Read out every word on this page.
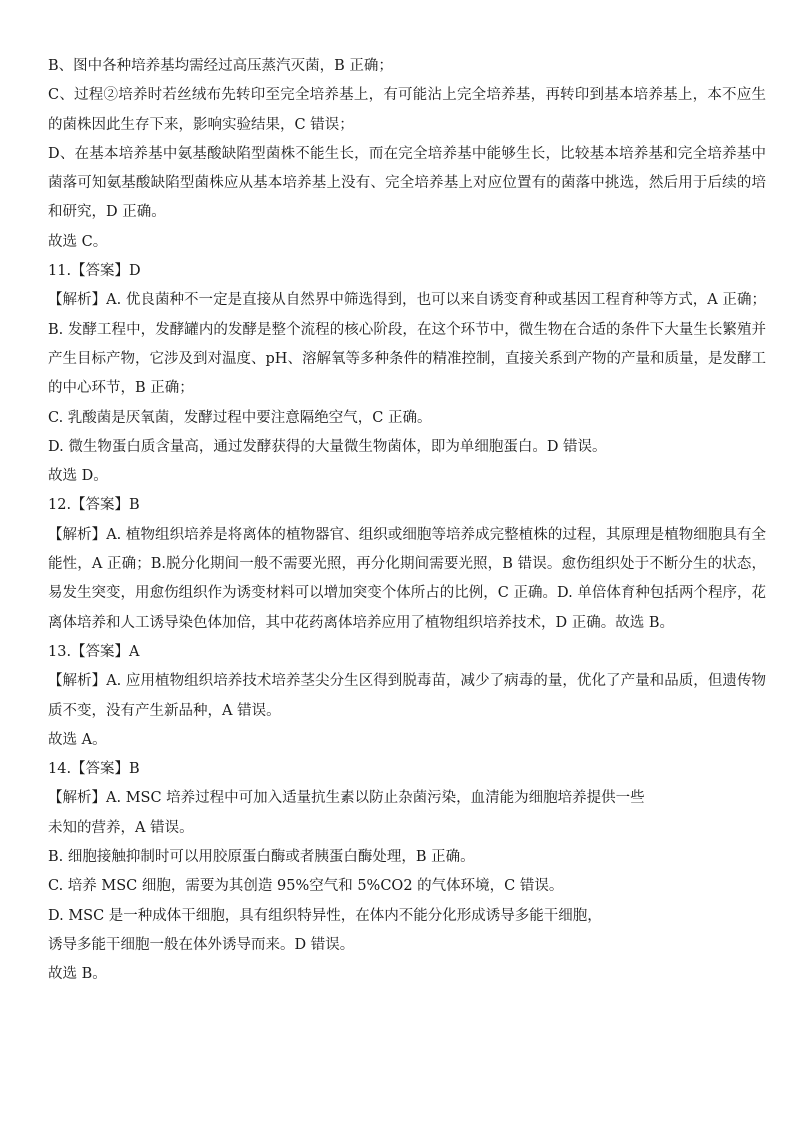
B、图中各种培养基均需经过高压蒸汽灭菌，B 正确；
C、过程②培养时若丝绒布先转印至完全培养基上，有可能沾上完全培养基，再转印到基本培养基上，本不应生
的菌株因此生存下来，影响实验结果，C 错误；
D、在基本培养基中氨基酸缺陷型菌株不能生长，而在完全培养基中能够生长，比较基本培养基和完全培养基中
菌落可知氨基酸缺陷型菌株应从基本培养基上没有、完全培养基上对应位置有的菌落中挑选，然后用于后续的培
和研究，D 正确。
故选 C。
11.【答案】D
【解析】A. 优良菌种不一定是直接从自然界中筛选得到，也可以来自诱变育种或基因工程育种等方式，A 正确；
B. 发酵工程中，发酵罐内的发酵是整个流程的核心阶段，在这个环节中，微生物在合适的条件下大量生长繁殖并
产生目标产物，它涉及到对温度、pH、溶解氧等多种条件的精准控制，直接关系到产物的产量和质量，是发酵工
的中心环节，B 正确；
C. 乳酸菌是厌氧菌，发酵过程中要注意隔绝空气，C 正确。
D. 微生物蛋白质含量高，通过发酵获得的大量微生物菌体，即为单细胞蛋白。D 错误。
故选 D。
12.【答案】B
【解析】A. 植物组织培养是将离体的植物器官、组织或细胞等培养成完整植株的过程，其原理是植物细胞具有全
能性，A 正确；B.脱分化期间一般不需要光照，再分化期间需要光照，B 错误。愈伤组织处于不断分生的状态，
易发生突变，用愈伤组织作为诱变材料可以增加突变个体所占的比例，C 正确。D. 单倍体育种包括两个程序，花
离体培养和人工诱导染色体加倍，其中花药离体培养应用了植物组织培养技术，D 正确。故选 B。
13.【答案】A
【解析】A. 应用植物组织培养技术培养茎尖分生区得到脱毒苗，减少了病毒的量，优化了产量和品质，但遗传物
质不变，没有产生新品种，A 错误。
故选 A。
14.【答案】B
【解析】A. MSC 培养过程中可加入适量抗生素以防止杂菌污染，血清能为细胞培养提供一些
未知的营养，A 错误。
B. 细胞接触抑制时可以用胶原蛋白酶或者胰蛋白酶处理，B 正确。
C. 培养 MSC 细胞，需要为其创造 95%空气和 5%CO2 的气体环境，C 错误。
D. MSC 是一种成体干细胞，具有组织特异性，在体内不能分化形成诱导多能干细胞，
诱导多能干细胞一般在体外诱导而来。D 错误。
故选 B。
